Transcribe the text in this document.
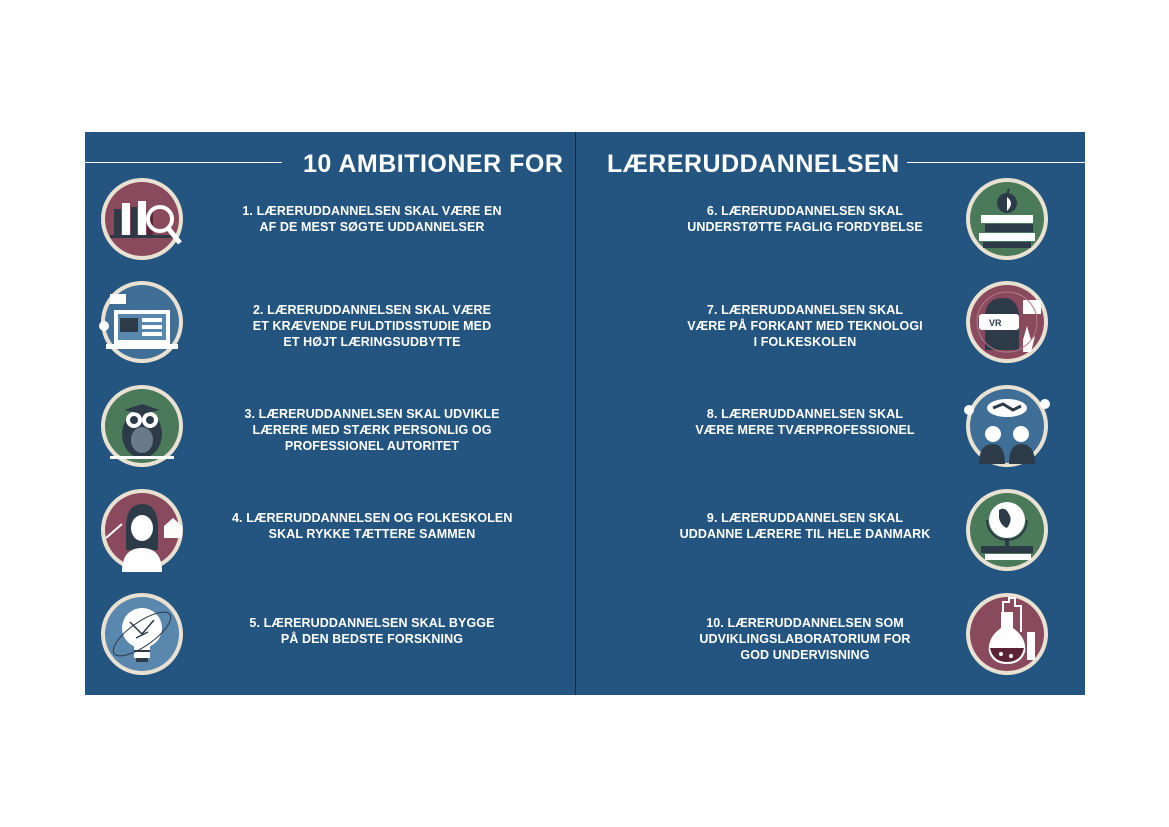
10 AMBITIONER FOR LÆRERUDDANNELSEN
1. LÆRERUDDANNELSEN SKAL VÆRE EN
AF DE MEST SØGTE UDDANNELSER
2. LÆRERUDDANNELSEN SKAL VÆRE
ET KRÆVENDE FULDTIDSSTUDIE MED
ET HØJT LÆRINGSUDBYTTE
3. LÆRERUDDANNELSEN SKAL UDVIKLE
LÆRERE MED STÆRK PERSONLIG OG
PROFESSIONEL AUTORITET
4. LÆRERUDDANNELSEN OG FOLKESKOLEN
SKAL RYKKE TÆTTERE SAMMEN
5. LÆRERUDDANNELSEN SKAL BYGGE
PÅ DEN BEDSTE FORSKNING
6. LÆRERUDDANNELSEN SKAL
UNDERSTØTTE FAGLIG FORDYBELSE
7. LÆRERUDDANNELSEN SKAL
VÆRE PÅ FORKANT MED TEKNOLOGI
I FOLKESKOLEN
VR
8. LÆRERUDDANNELSEN SKAL
VÆRE MERE TVÆRPROFESSIONEL
9. LÆRERUDDANNELSEN SKAL
UDDANNE LÆRERE TIL HELE DANMARK
10. LÆRERUDDANNELSEN SOM
UDVIKLINGSLABORATORIUM FOR
GOD UNDERVISNING
